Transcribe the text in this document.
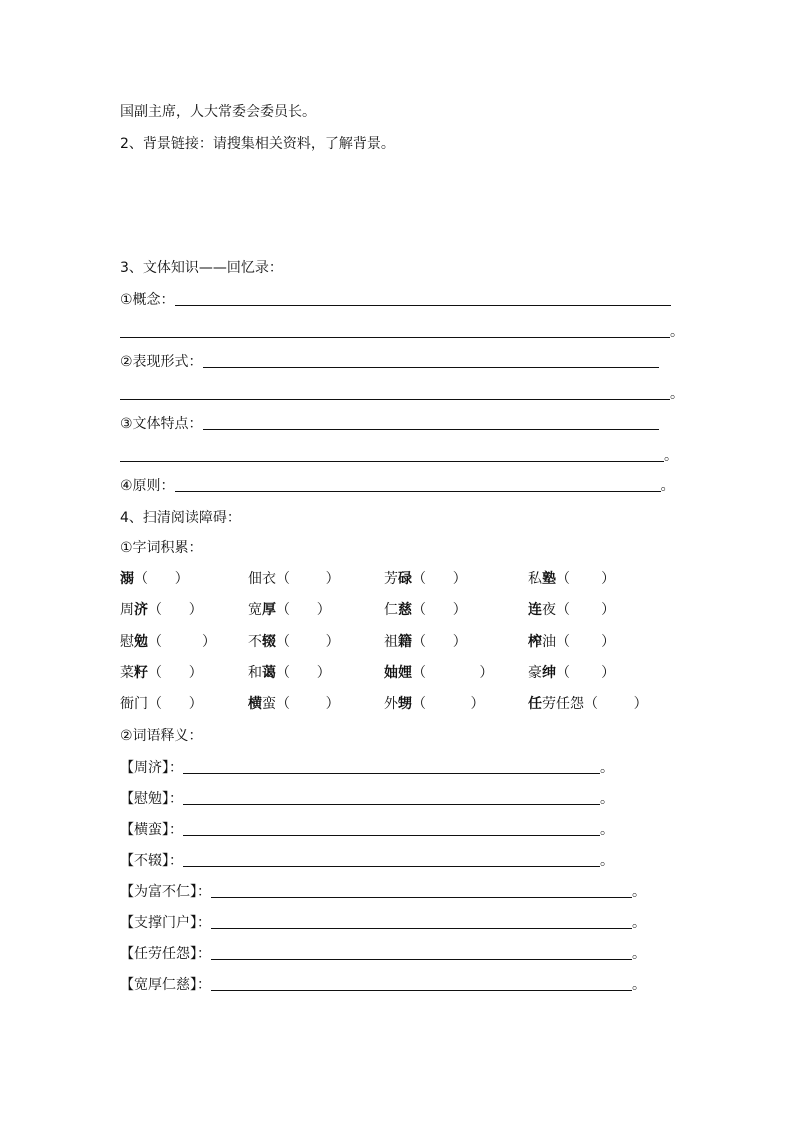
国副主席，人大常委会委员长。
2、背景链接：请搜集相关资料，了解背景。
3、文体知识——回忆录：
①概念：
。
②表现形式：
。
③文体特点：
。
④原则：	。
4、扫清阅读障碍：
①字词积累：
溺（      ）	佃衣（        ）	芳碌（      ）	私塾（       ）
周济（      ）	宽厚（      ）	仁慈（      ）	连夜（       ）
慰勉（         ） 不辍（        ）	祖籍（      ）	榨油（       ）
菜籽（      ）	和蔼（      ）	妯娌（            ） 豪绅（       ）
衙门（      ）	横蛮（        ）	外甥（          ）	任劳任怨（        ）
②词语释义：
【周济】：	。
【慰勉】：	。
【横蛮】：	。
【不辍】：	。
【为富不仁】：	。
【支撑门户】：	。
【任劳任怨】：	。
【宽厚仁慈】：	。
